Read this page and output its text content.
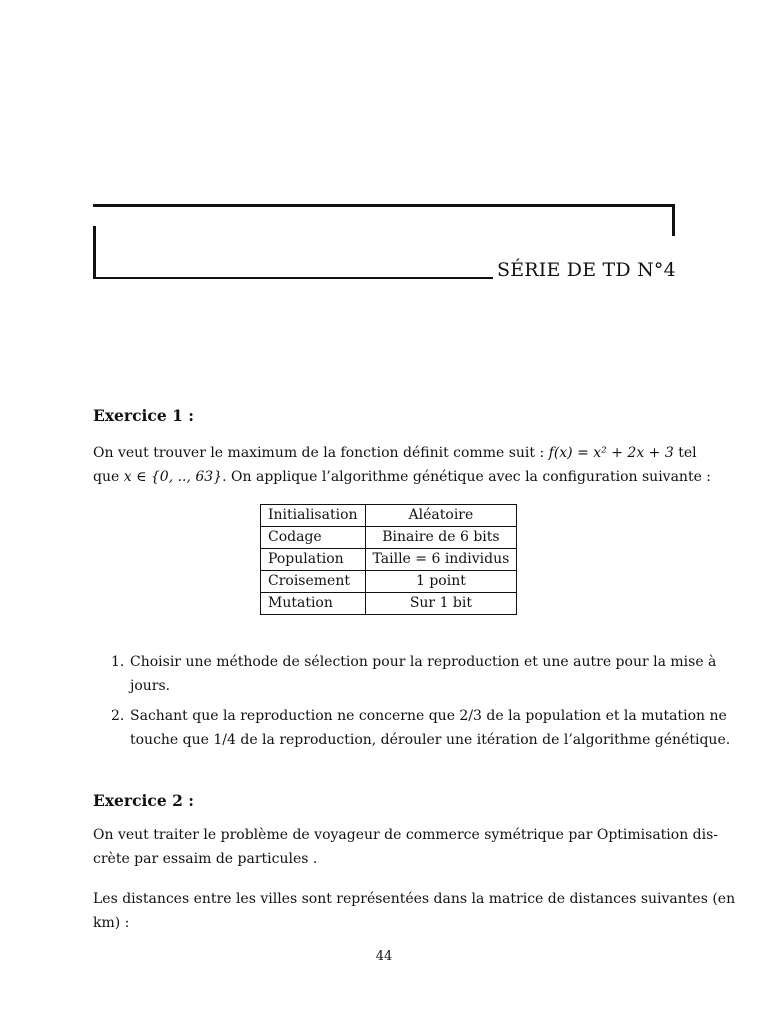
SÉRIE DE TD N°4
Exercice 1 :
On veut trouver le maximum de la fonction définit comme suit : f(x) = x² + 2x + 3 tel
que x ∈ {0, .., 63}. On applique l’algorithme génétique avec la configuration suivante :
Initialisation	Aléatoire
Codage	Binaire de 6 bits
Population	Taille = 6 individus
Croisement	1 point
Mutation	Sur 1 bit
1. Choisir une méthode de sélection pour la reproduction et une autre pour la mise à
jours.
2. Sachant que la reproduction ne concerne que 2/3 de la population et la mutation ne
touche que 1/4 de la reproduction, dérouler une itération de l’algorithme génétique.
Exercice 2 :
On veut traiter le problème de voyageur de commerce symétrique par Optimisation dis-
crète par essaim de particules .
Les distances entre les villes sont représentées dans la matrice de distances suivantes (en
km) :
44
